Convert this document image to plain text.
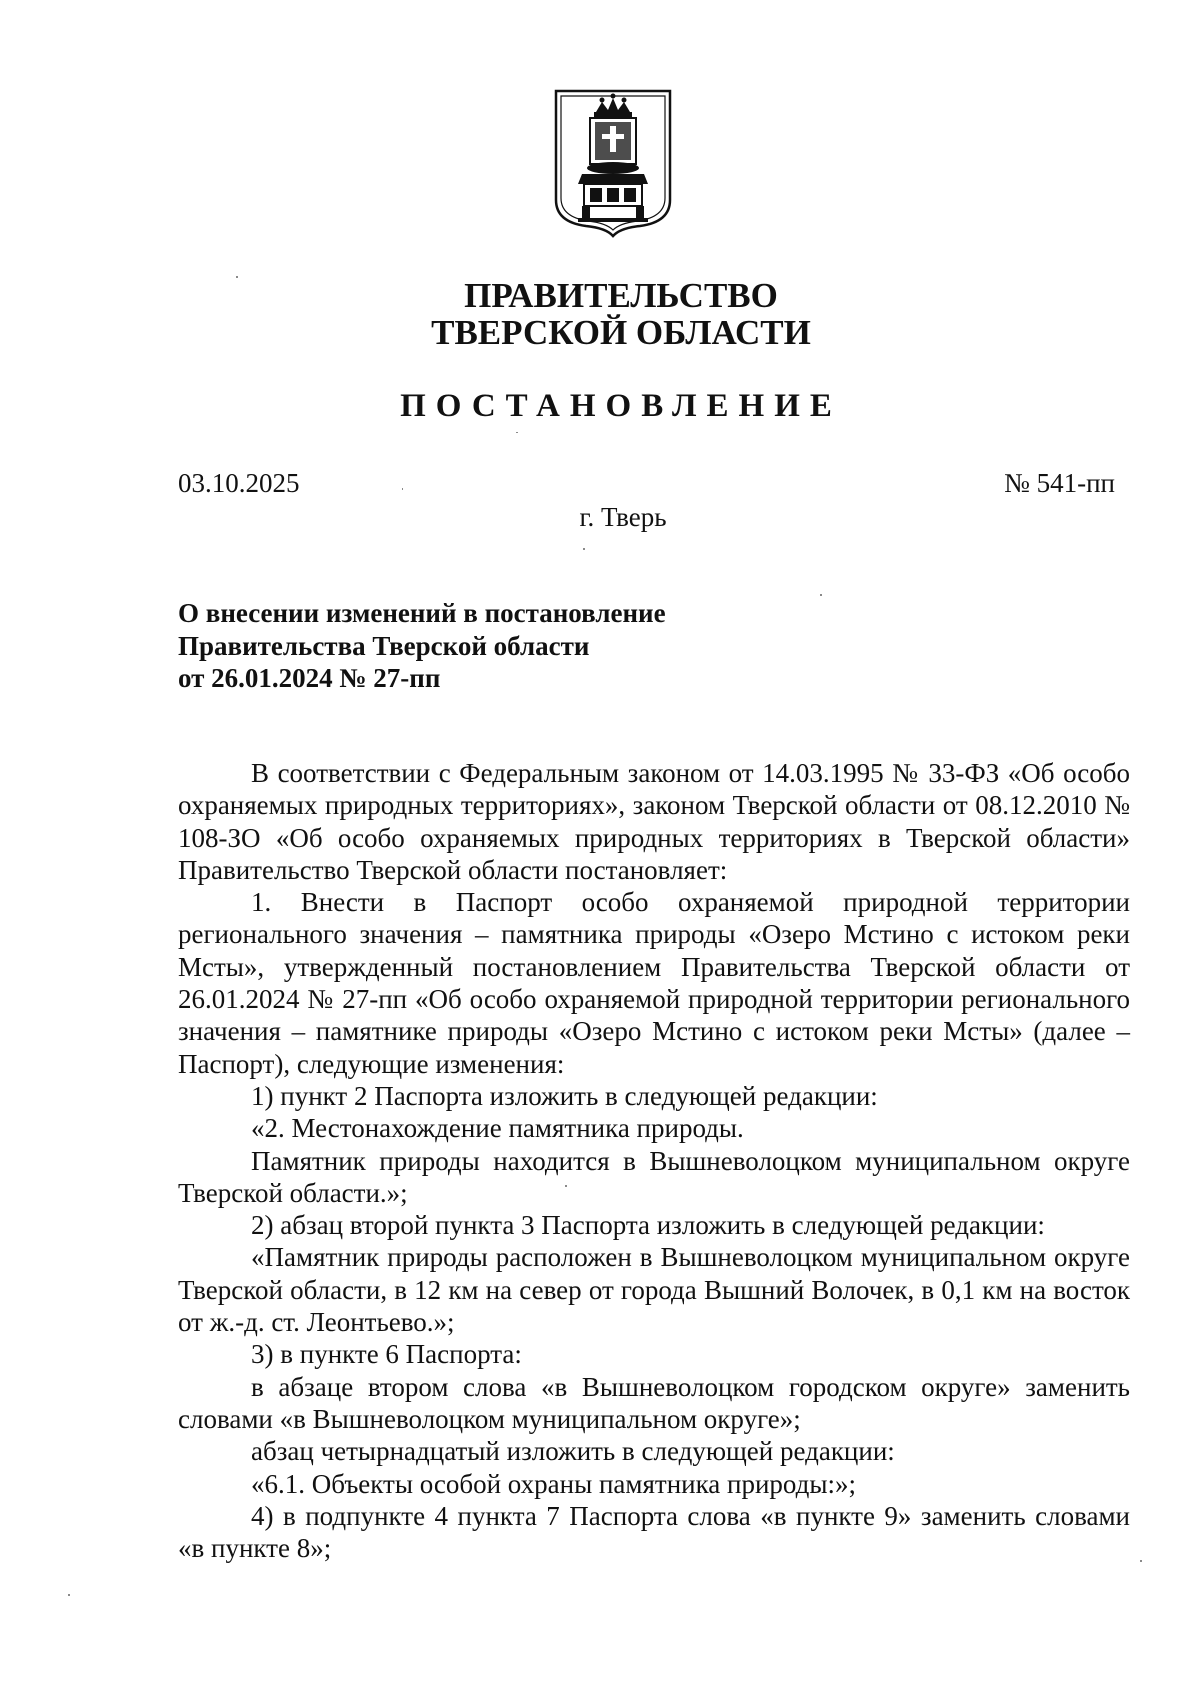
ПРАВИТЕЛЬСТВО
ТВЕРСКОЙ ОБЛАСТИ
ПОСТАНОВЛЕНИЕ
03.10.2025	№ 541-пп
г. Тверь
О внесении изменений в постановление
Правительства Тверской области
от 26.01.2024 № 27-пп

В соответствии с Федеральным законом от 14.03.1995 № 33-ФЗ «Об особо охраняемых природных территориях», законом Тверской области от 08.12.2010 № 108-ЗО «Об особо охраняемых природных территориях в Тверской области» Правительство Тверской области постановляет:

1. Внести в Паспорт особо охраняемой природной территории регионального значения – памятника природы «Озеро Мстино с истоком реки Мсты», утвержденный постановлением Правительства Тверской области от 26.01.2024 № 27-пп «Об особо охраняемой природной территории регионального значения – памятнике природы «Озеро Мстино с истоком реки Мсты» (далее – Паспорт), следующие изменения:

1) пункт 2 Паспорта изложить в следующей редакции:

«2. Местонахождение памятника природы.

Памятник природы находится в Вышневолоцком муниципальном округе Тверской области.»;

2) абзац второй пункта 3 Паспорта изложить в следующей редакции:

«Памятник природы расположен в Вышневолоцком муниципальном округе Тверской области, в 12 км на север от города Вышний Волочек, в 0,1 км на восток от ж.-д. ст. Леонтьево.»;

3) в пункте 6 Паспорта:

в абзаце втором слова «в Вышневолоцком городском округе» заменить словами «в Вышневолоцком муниципальном округе»;

абзац четырнадцатый изложить в следующей редакции:

«6.1. Объекты особой охраны памятника природы:»;

4) в подпункте 4 пункта 7 Паспорта слова «в пункте 9» заменить словами «в пункте 8»;
